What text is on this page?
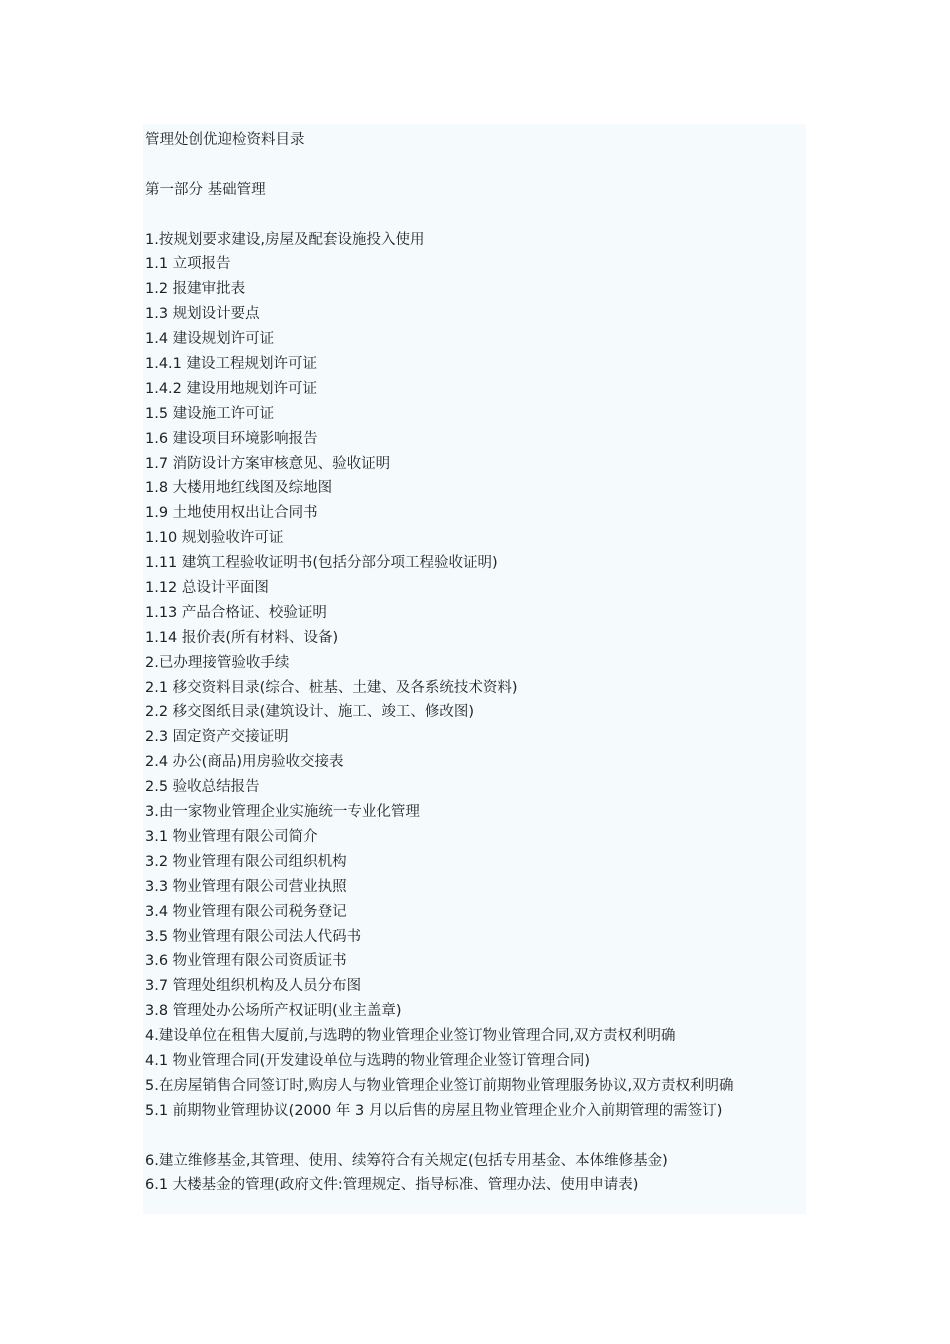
管理处创优迎检资料目录
第一部分 基础管理
1.按规划要求建设,房屋及配套设施投入使用
1.1 立项报告
1.2 报建审批表
1.3 规划设计要点
1.4 建设规划许可证
1.4.1 建设工程规划许可证
1.4.2 建设用地规划许可证
1.5 建设施工许可证
1.6 建设项目环境影响报告
1.7 消防设计方案审核意见、验收证明
1.8 大楼用地红线图及综地图
1.9 土地使用权出让合同书
1.10 规划验收许可证
1.11 建筑工程验收证明书(包括分部分项工程验收证明)
1.12 总设计平面图
1.13 产品合格证、校验证明
1.14 报价表(所有材料、设备)
2.已办理接管验收手续
2.1 移交资料目录(综合、桩基、土建、及各系统技术资料)
2.2 移交图纸目录(建筑设计、施工、竣工、修改图)
2.3 固定资产交接证明
2.4 办公(商品)用房验收交接表
2.5 验收总结报告
3.由一家物业管理企业实施统一专业化管理
3.1 物业管理有限公司简介
3.2 物业管理有限公司组织机构
3.3 物业管理有限公司营业执照
3.4 物业管理有限公司税务登记
3.5 物业管理有限公司法人代码书
3.6 物业管理有限公司资质证书
3.7 管理处组织机构及人员分布图
3.8 管理处办公场所产权证明(业主盖章)
4.建设单位在租售大厦前,与选聘的物业管理企业签订物业管理合同,双方责权利明确
4.1 物业管理合同(开发建设单位与选聘的物业管理企业签订管理合同)
5.在房屋销售合同签订时,购房人与物业管理企业签订前期物业管理服务协议,双方责权利明确
5.1 前期物业管理协议(2000 年 3 月以后售的房屋且物业管理企业介入前期管理的需签订)
6.建立维修基金,其管理、使用、续筹符合有关规定(包括专用基金、本体维修基金)
6.1 大楼基金的管理(政府文件:管理规定、指导标准、管理办法、使用申请表)
